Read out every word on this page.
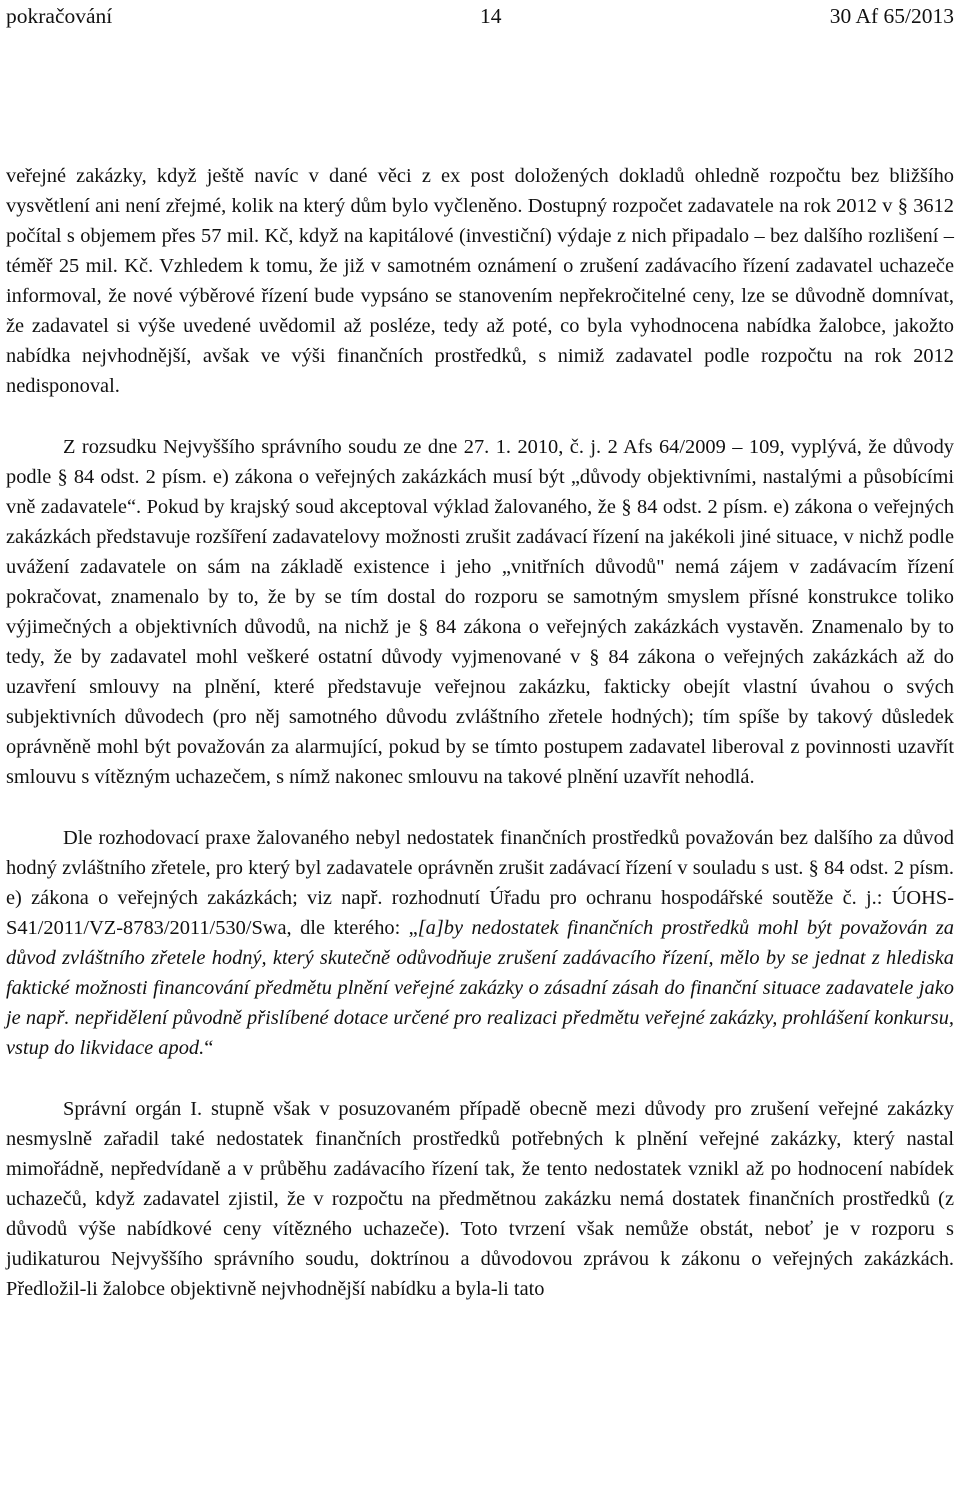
pokračování	14	30 Af 65/2013

veřejné zakázky, když ještě navíc v dané věci z ex post doložených dokladů ohledně rozpočtu bez bližšího vysvětlení ani není zřejmé, kolik na který dům bylo vyčleněno. Dostupný rozpočet zadavatele na rok 2012 v § 3612 počítal s objemem přes 57 mil. Kč, když na kapitálové (investiční) výdaje z nich připadalo – bez dalšího rozlišení – téměř 25 mil. Kč. Vzhledem k tomu, že již v samotném oznámení o zrušení zadávacího řízení zadavatel uchazeče informoval, že nové výběrové řízení bude vypsáno se stanovením nepřekročitelné ceny, lze se důvodně domnívat, že zadavatel si výše uvedené uvědomil až posléze, tedy až poté, co byla vyhodnocena nabídka žalobce, jakožto nabídka nejvhodnější, avšak ve výši finančních prostředků, s nimiž zadavatel podle rozpočtu na rok 2012 nedisponoval.

Z rozsudku Nejvyššího správního soudu ze dne 27. 1. 2010, č. j. 2 Afs 64/2009 – 109, vyplývá, že důvody podle § 84 odst. 2 písm. e) zákona o veřejných zakázkách musí být „důvody objektivními, nastalými a působícími vně zadavatele“. Pokud by krajský soud akceptoval výklad žalovaného, že § 84 odst. 2 písm. e) zákona o veřejných zakázkách představuje rozšíření zadavatelovy možnosti zrušit zadávací řízení na jakékoli jiné situace, v nichž podle uvážení zadavatele on sám na základě existence i jeho „vnitřních důvodů" nemá zájem v zadávacím řízení pokračovat, znamenalo by to, že by se tím dostal do rozporu se samotným smyslem přísné konstrukce toliko výjimečných a objektivních důvodů, na nichž je § 84 zákona o veřejných zakázkách vystavěn. Znamenalo by to tedy, že by zadavatel mohl veškeré ostatní důvody vyjmenované v § 84 zákona o veřejných zakázkách až do uzavření smlouvy na plnění, které představuje veřejnou zakázku, fakticky obejít vlastní úvahou o svých subjektivních důvodech (pro něj samotného důvodu zvláštního zřetele hodných); tím spíše by takový důsledek oprávněně mohl být považován za alarmující, pokud by se tímto postupem zadavatel liberoval z povinnosti uzavřít smlouvu s vítězným uchazečem, s nímž nakonec smlouvu na takové plnění uzavřít nehodlá.

Dle rozhodovací praxe žalovaného nebyl nedostatek finančních prostředků považován bez dalšího za důvod hodný zvláštního zřetele, pro který byl zadavatele oprávněn zrušit zadávací řízení v souladu s ust. § 84 odst. 2 písm. e) zákona o veřejných zakázkách; viz např. rozhodnutí Úřadu pro ochranu hospodářské soutěže č. j.: ÚOHS-S41/2011/VZ-8783/2011/530/Swa, dle kterého: „[a]by nedostatek finančních prostředků mohl být považován za důvod zvláštního zřetele hodný, který skutečně odůvodňuje zrušení zadávacího řízení, mělo by se jednat z hlediska faktické možnosti financování předmětu plnění veřejné zakázky o zásadní zásah do finanční situace zadavatele jako je např. nepřidělení původně přislíbené dotace určené pro realizaci předmětu veřejné zakázky, prohlášení konkursu, vstup do likvidace apod.“

Správní orgán I. stupně však v posuzovaném případě obecně mezi důvody pro zrušení veřejné zakázky nesmyslně zařadil také nedostatek finančních prostředků potřebných k plnění veřejné zakázky, který nastal mimořádně, nepředvídaně a v průběhu zadávacího řízení tak, že tento nedostatek vznikl až po hodnocení nabídek uchazečů, když zadavatel zjistil, že v rozpočtu na předmětnou zakázku nemá dostatek finančních prostředků (z důvodů výše nabídkové ceny vítězného uchazeče). Toto tvrzení však nemůže obstát, neboť je v rozporu s judikaturou Nejvyššího správního soudu, doktrínou a důvodovou zprávou k zákonu o veřejných zakázkách. Předložil-li žalobce objektivně nejvhodnější nabídku a byla-li tato
